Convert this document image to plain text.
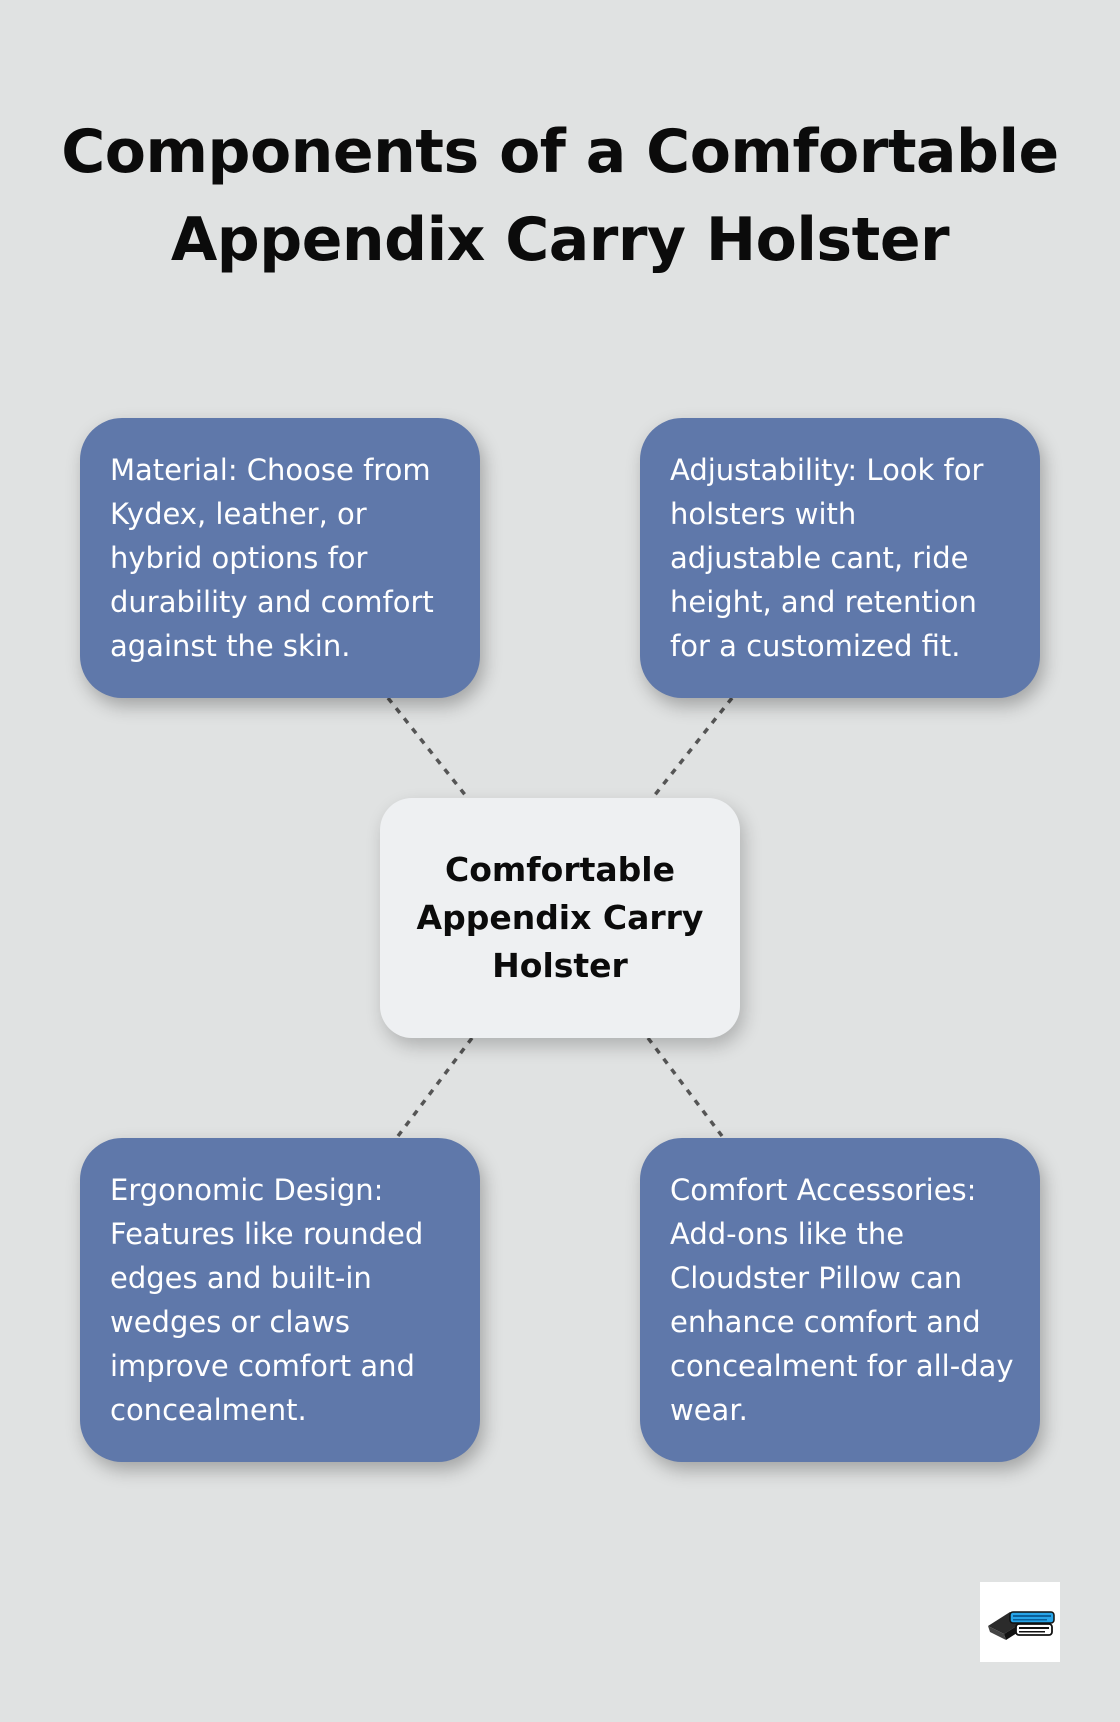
Components of a Comfortable Appendix Carry Holster
Material: Choose from Kydex, leather, or hybrid options for durability and comfort against the skin.
Adjustability: Look for holsters with adjustable cant, ride height, and retention for a customized fit.
Comfortable Appendix Carry Holster
Ergonomic Design: Features like rounded edges and built-in wedges or claws improve comfort and concealment.
Comfort Accessories: Add-ons like the Cloudster Pillow can enhance comfort and concealment for all-day wear.
